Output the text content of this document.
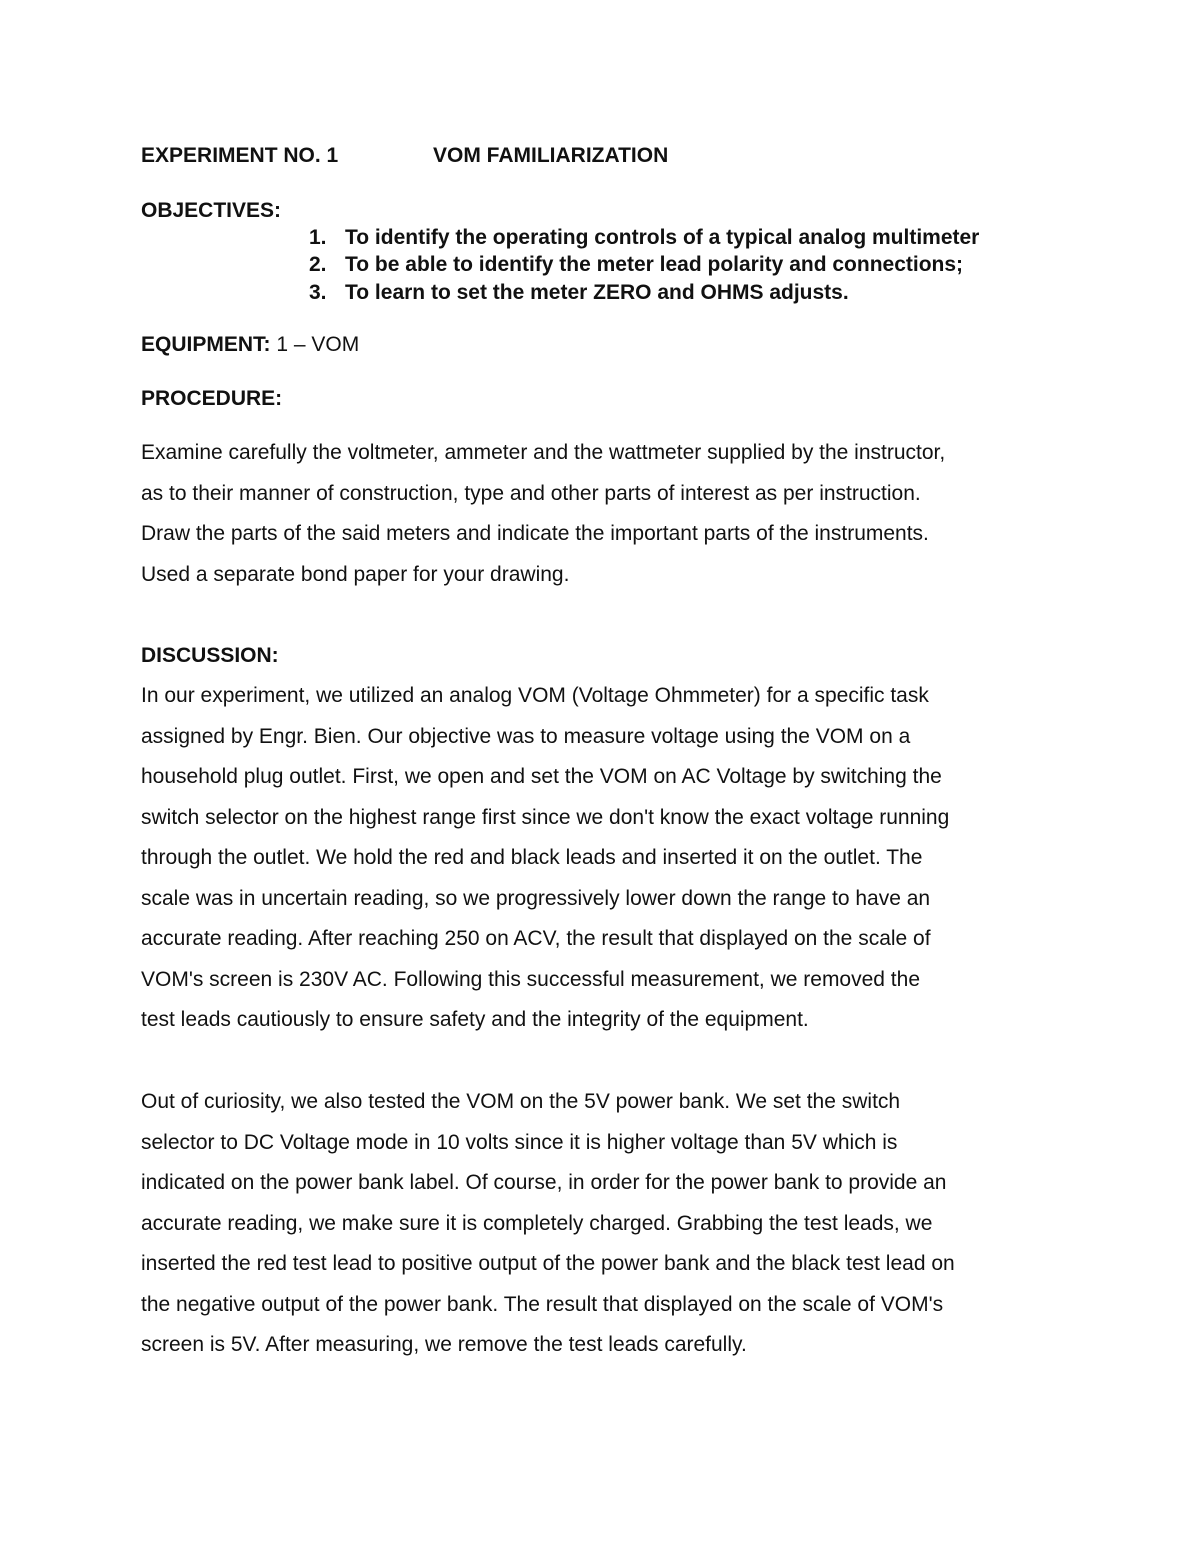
EXPERIMENT NO. 1	VOM FAMILIARIZATION
OBJECTIVES:
1. To identify the operating controls of a typical analog multimeter
2. To be able to identify the meter lead polarity and connections;
3. To learn to set the meter ZERO and OHMS adjusts.
EQUIPMENT: 1 – VOM
PROCEDURE:
Examine carefully the voltmeter, ammeter and the wattmeter supplied by the instructor,
as to their manner of construction, type and other parts of interest as per instruction.
Draw the parts of the said meters and indicate the important parts of the instruments.
Used a separate bond paper for your drawing.
DISCUSSION:
In our experiment, we utilized an analog VOM (Voltage Ohmmeter) for a specific task
assigned by Engr. Bien. Our objective was to measure voltage using the VOM on a
household plug outlet. First, we open and set the VOM on AC Voltage by switching the
switch selector on the highest range first since we don't know the exact voltage running
through the outlet. We hold the red and black leads and inserted it on the outlet. The
scale was in uncertain reading, so we progressively lower down the range to have an
accurate reading. After reaching 250 on ACV, the result that displayed on the scale of
VOM's screen is 230V AC. Following this successful measurement, we removed the
test leads cautiously to ensure safety and the integrity of the equipment.
Out of curiosity, we also tested the VOM on the 5V power bank. We set the switch
selector to DC Voltage mode in 10 volts since it is higher voltage than 5V which is
indicated on the power bank label. Of course, in order for the power bank to provide an
accurate reading, we make sure it is completely charged. Grabbing the test leads, we
inserted the red test lead to positive output of the power bank and the black test lead on
the negative output of the power bank. The result that displayed on the scale of VOM's
screen is 5V. After measuring, we remove the test leads carefully.
